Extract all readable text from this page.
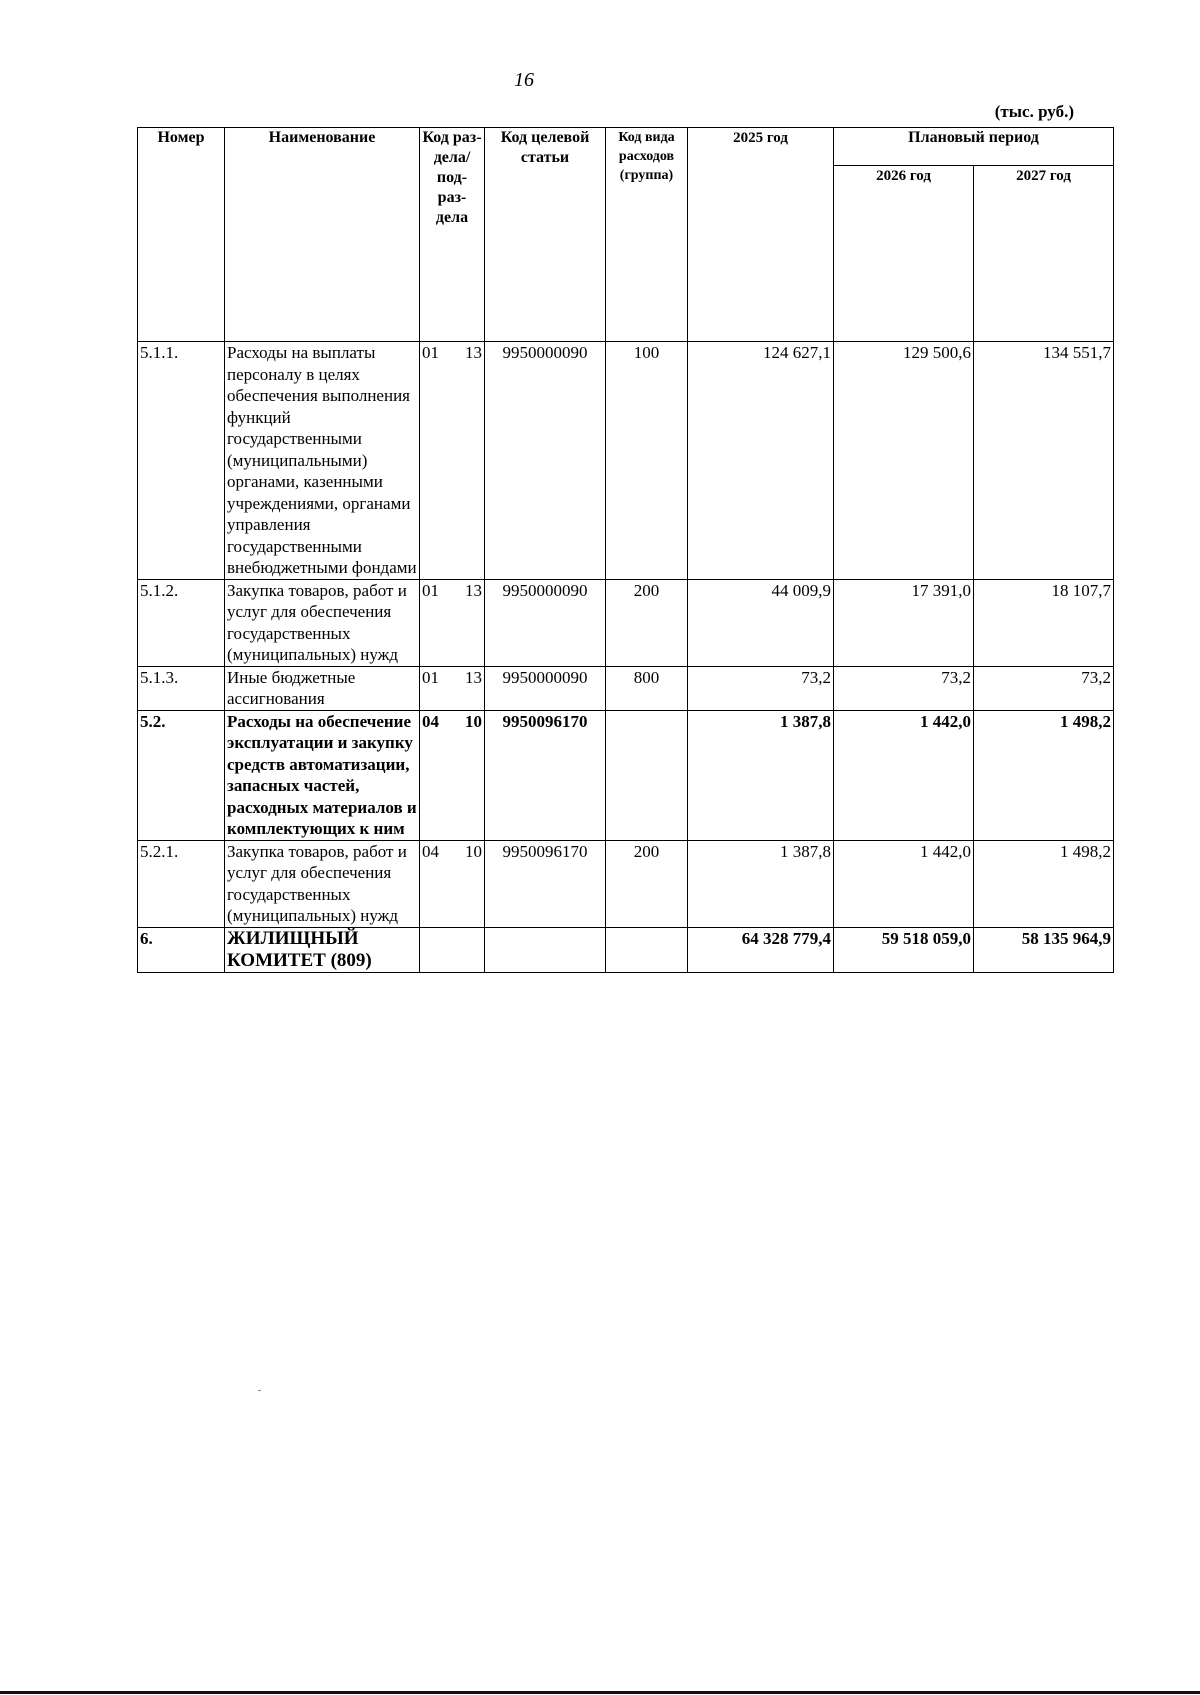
16
(тыс. руб.)
Номер	Наименование	Код раз- дела/ под- раз- дела	Код целевой статьи	Код вида расходов (группа)	2025 год	Плановый период	
						2026 год	2027 год
5.1.1.	Расходы на выплаты персоналу в целях обеспечения выполнения функций государственными (муниципальными) органами, казенными учреждениями, органами управления государственными внебюджетными фондами	01 13	9950000090	100	124 627,1	129 500,6	134 551,7
5.1.2.	Закупка товаров, работ и услуг для обеспечения государственных (муниципальных) нужд	01 13	9950000090	200	44 009,9	17 391,0	18 107,7
5.1.3.	Иные бюджетные ассигнования	01 13	9950000090	800	73,2	73,2	73,2
5.2.	Расходы на обеспечение эксплуатации и закупку средств автоматизации, запасных частей, расходных материалов и комплектующих к ним	04 10	9950096170		1 387,8	1 442,0	1 498,2
5.2.1.	Закупка товаров, работ и услуг для обеспечения государственных (муниципальных) нужд	04 10	9950096170	200	1 387,8	1 442,0	1 498,2
6.	ЖИЛИЩНЫЙ КОМИТЕТ (809)				64 328 779,4	59 518 059,0	58 135 964,9
